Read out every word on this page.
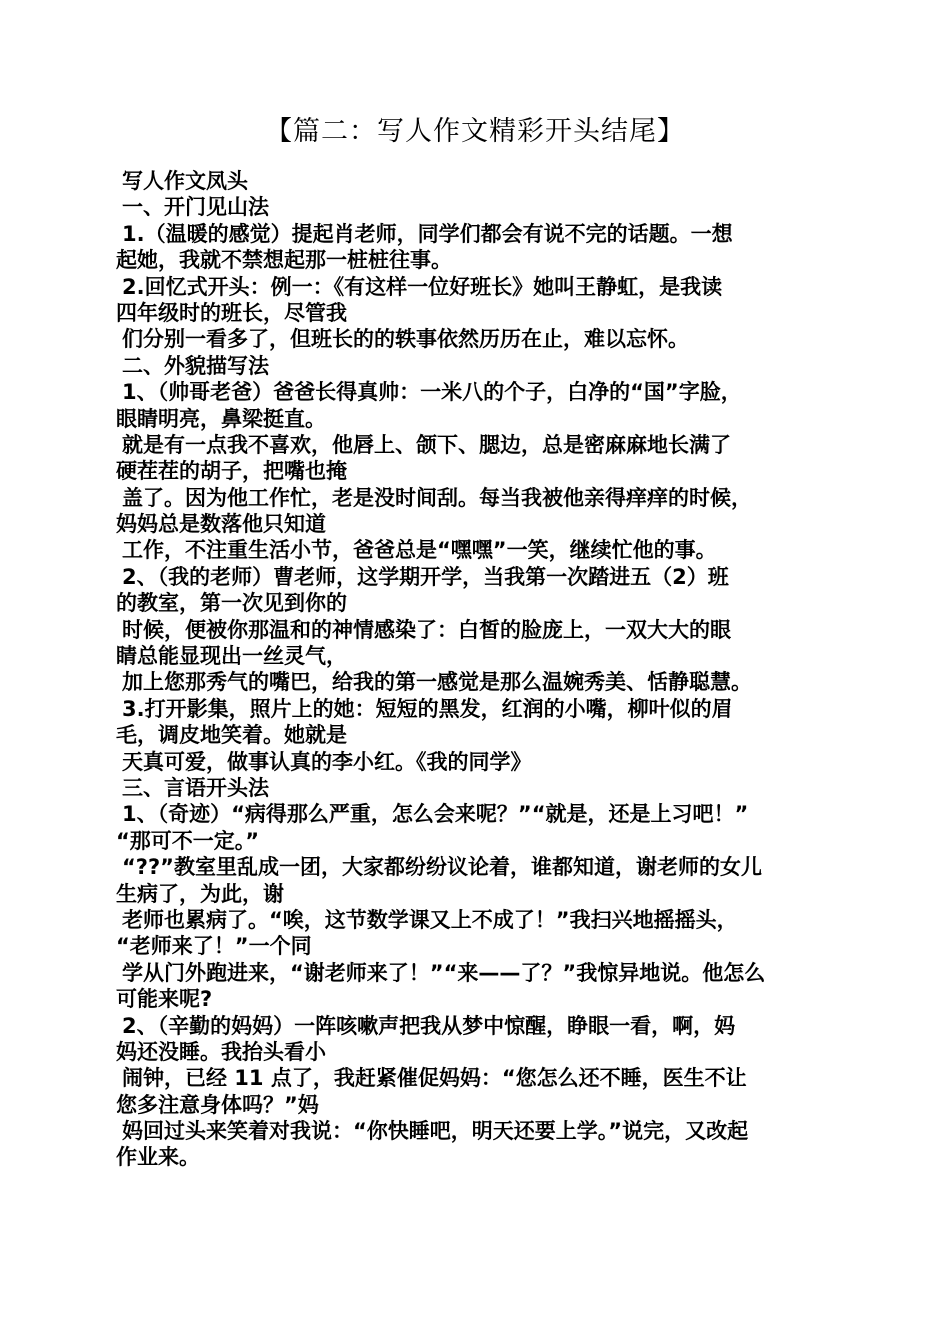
【篇二：写人作文精彩开头结尾】
写人作文凤头
一、开门见山法
1.（温暖的感觉）提起肖老师，同学们都会有说不完的话题。一想
起她，我就不禁想起那一桩桩往事。
2.回忆式开头：例一：《有这样一位好班长》她叫王静虹，是我读
四年级时的班长，尽管我
们分别一看多了，但班长的的轶事依然历历在止，难以忘怀。
二、外貌描写法
1、（帅哥老爸）爸爸长得真帅：一米八的个子，白净的“国”字脸，
眼睛明亮，鼻梁挺直。
就是有一点我不喜欢，他唇上、颌下、腮边，总是密麻麻地长满了
硬茬茬的胡子，把嘴也掩
盖了。因为他工作忙，老是没时间刮。每当我被他亲得痒痒的时候，
妈妈总是数落他只知道
工作，不注重生活小节，爸爸总是“嘿嘿”一笑，继续忙他的事。
2、（我的老师）曹老师，这学期开学，当我第一次踏进五（2）班
的教室，第一次见到你的
时候，便被你那温和的神情感染了：白皙的脸庞上，一双大大的眼
睛总能显现出一丝灵气，
加上您那秀气的嘴巴，给我的第一感觉是那么温婉秀美、恬静聪慧。
3.打开影集，照片上的她：短短的黑发，红润的小嘴，柳叶似的眉
毛，调皮地笑着。她就是
天真可爱，做事认真的李小红。《我的同学》
三、言语开头法
1、（奇迹）“病得那么严重，怎么会来呢？”“就是，还是上习吧！”
“那可不一定。”
“??”教室里乱成一团，大家都纷纷议论着，谁都知道，谢老师的女儿
生病了，为此，谢
老师也累病了。“唉，这节数学课又上不成了！”我扫兴地摇摇头，
“老师来了！”一个同
学从门外跑进来，“谢老师来了！”“来——了？”我惊异地说。他怎么
可能来呢?
2、（辛勤的妈妈）一阵咳嗽声把我从梦中惊醒，睁眼一看，啊，妈
妈还没睡。我抬头看小
闹钟，已经 11 点了，我赶紧催促妈妈：“您怎么还不睡，医生不让
您多注意身体吗？”妈
妈回过头来笑着对我说：“你快睡吧，明天还要上学。”说完，又改起
作业来。
